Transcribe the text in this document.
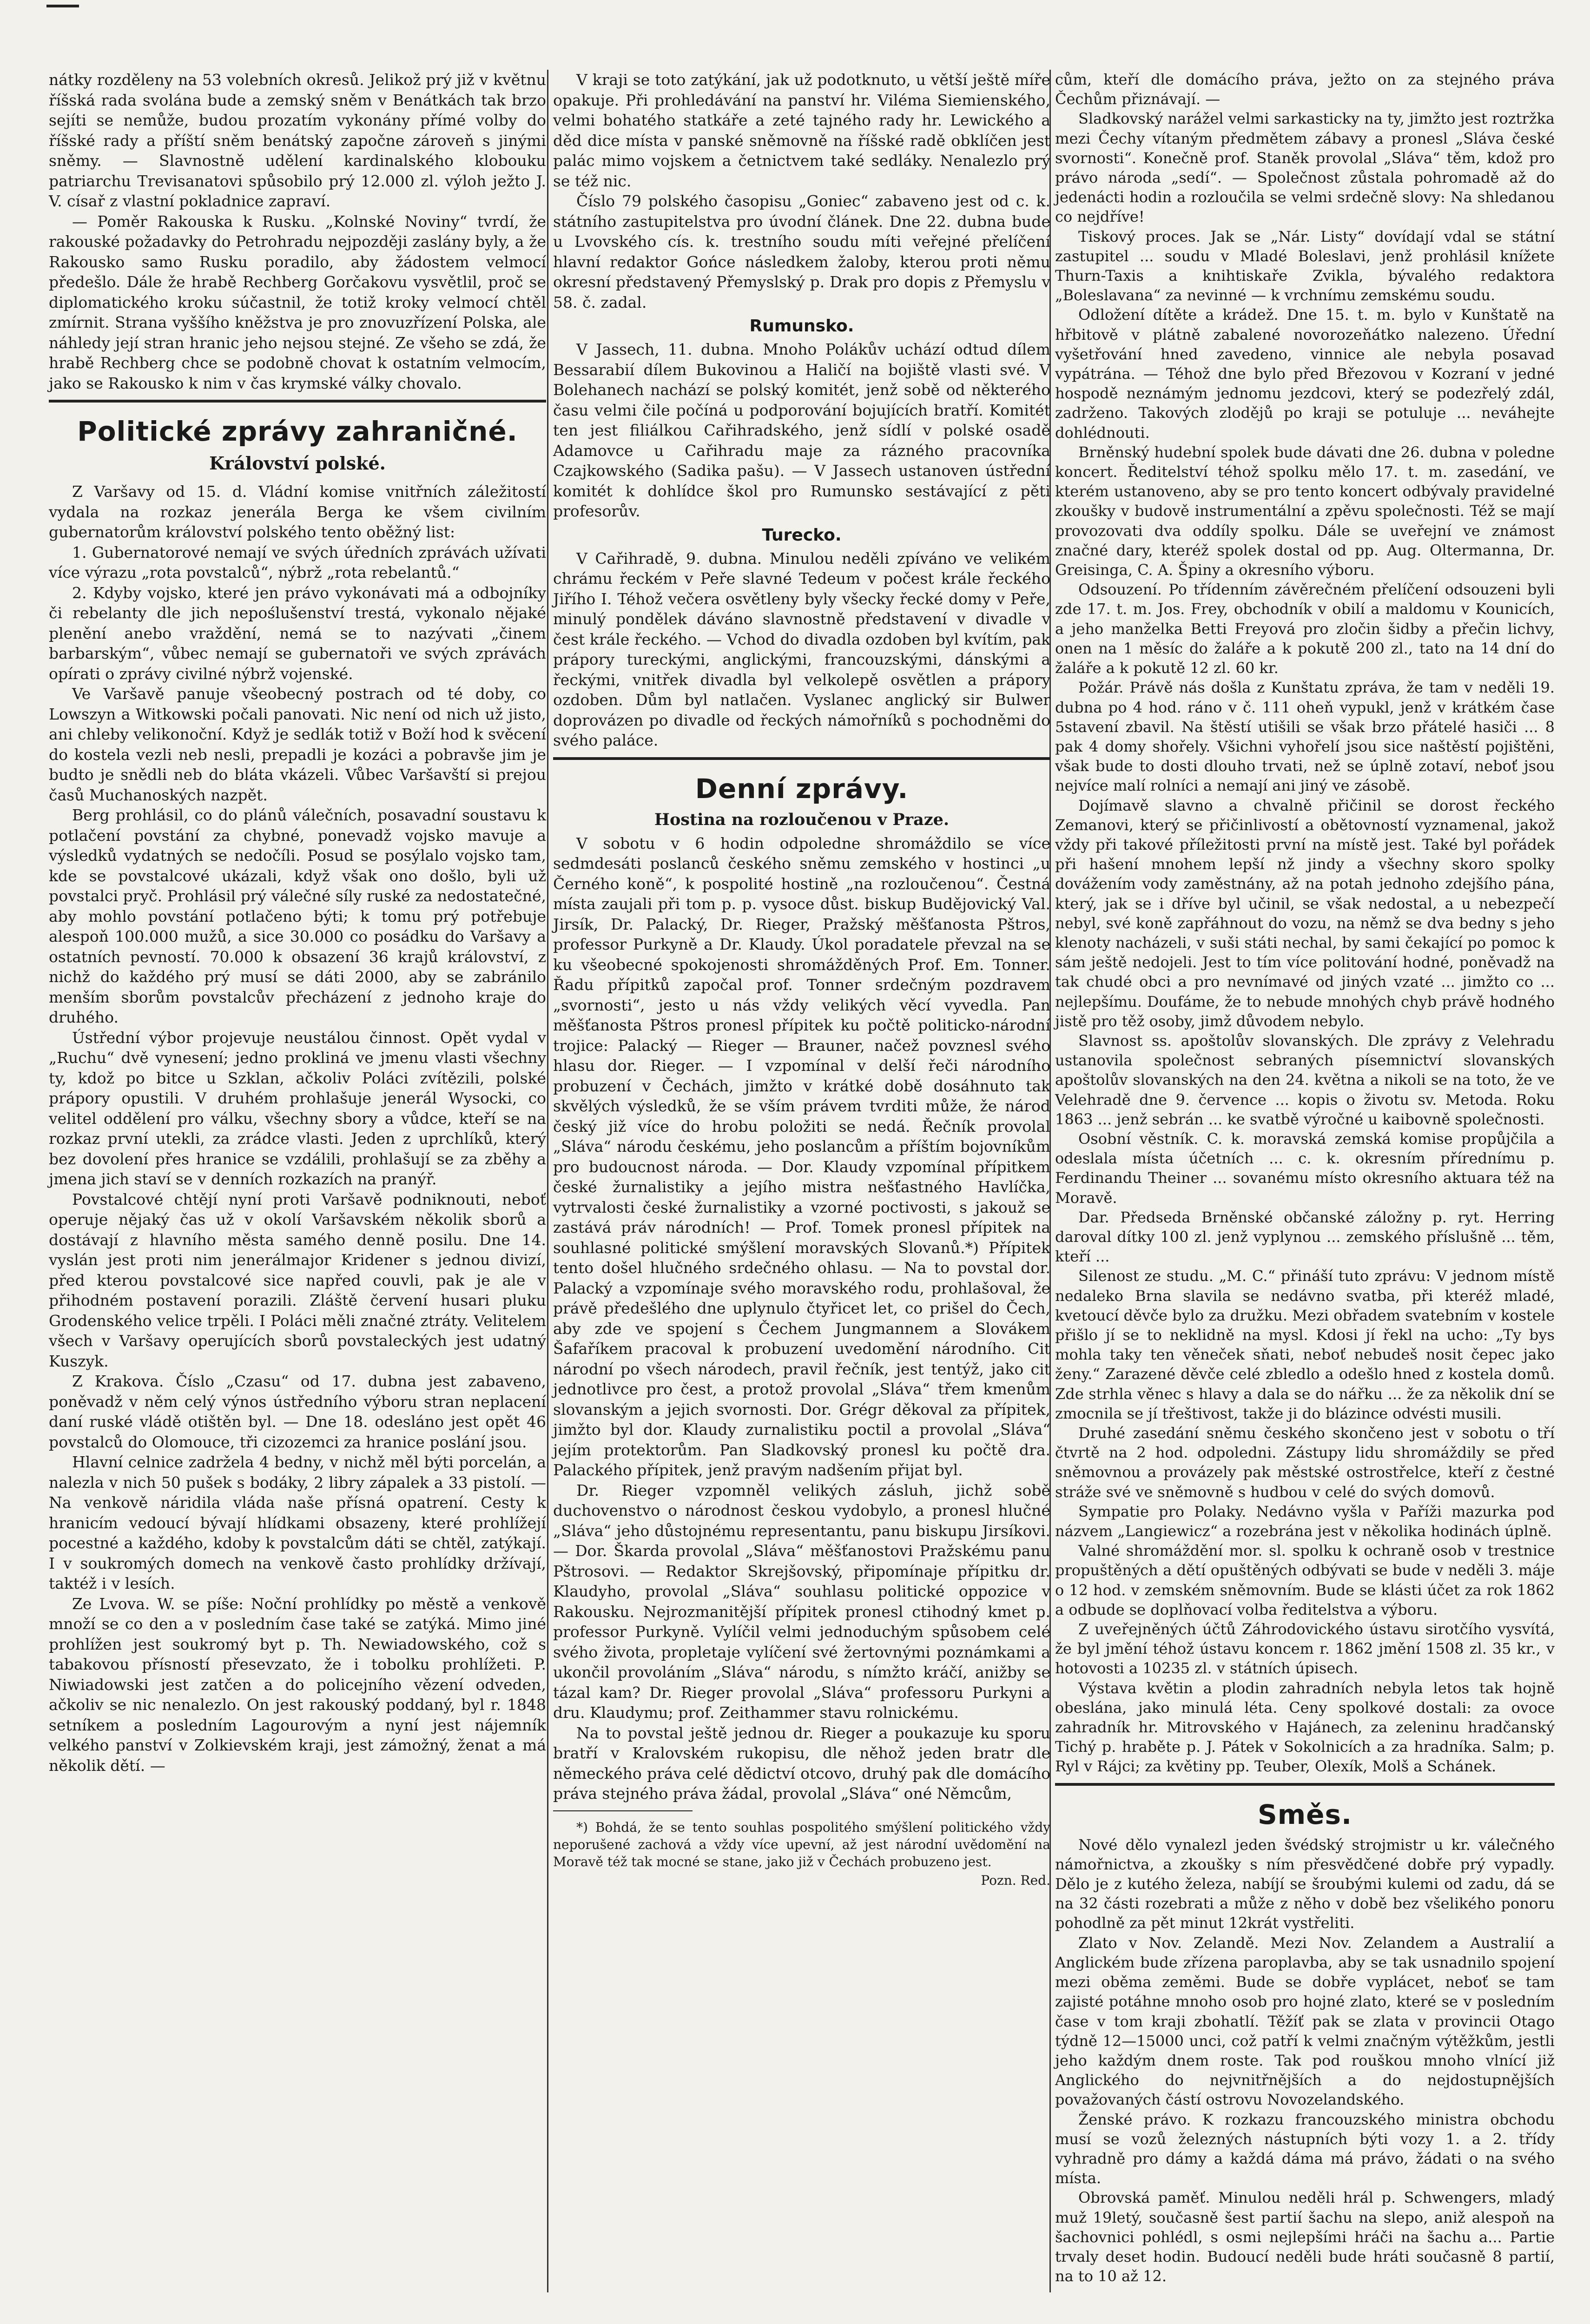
nátky rozděleny na 53 volebních okresů. Jelikož prý již v květnu říšská rada svolána bude a zemský sněm v Benátkách tak brzo sejíti se nemůže, budou prozatím vykonány přímé volby do říšské rady a příští sněm benátský započne zároveň s jinými sněmy. — Slavnostně udělení kardinalského klobouku patriarchu Trevisanatovi spůsobilo prý 12.000 zl. výloh ježto J. V. císař z vlastní pokladnice zapraví.

— Poměr Rakouska k Rusku. „Kolnské Noviny“ tvrdí, že rakouské požadavky do Petrohradu nejpozději zaslány byly, a že Rakousko samo Rusku poradilo, aby žádostem velmocí předešlo. Dále že hrabě Rechberg Gorčakovu vysvětlil, proč se diplomatického kroku súčastnil, že totiž kroky velmocí chtěl zmírnit. Strana vyššího kněžstva je pro znovuzřízení Polska, ale náhledy její stran hranic jeho nejsou stejné. Ze všeho se zdá, že hrabě Rechberg chce se podobně chovat k ostatním velmocím, jako se Rakousko k nim v čas krymské války chovalo.

Politické zprávy zahraničné.
Království polské.

Z Varšavy od 15. d. Vládní komise vnitřních záležitostí vydala na rozkaz jenerála Berga ke všem civilním gubernatorům království polského tento oběžný list:

1. Gubernatorové nemají ve svých úředních zprávách užívati více výrazu „rota povstalců“, nýbrž „rota rebelantů.“

2. Kdyby vojsko, které jen právo vykonávati má a odbojníky či rebelanty dle jich nepoślušenství trestá, vykonalo nějaké plenění anebo vraždění, nemá se to nazývati „činem barbarským“, vůbec nemají se gubernatoři ve svých zprávách opírati o zprávy civilné nýbrž vojenské.

Ve Varšavě panuje všeobecný postrach od té doby, co Lowszyn a Witkowski počali panovati. Nic není od nich už jisto, ani chleby velikonoční. Když je sedlák totiž v Boží hod k svěcení do kostela vezli neb nesli, prepadli je kozáci a pobravše jim je budto je snědli neb do bláta vkázeli. Vůbec Varšavští si prejou časů Muchanoských nazpět.

Berg prohlásil, co do plánů válečních, posavadní soustavu k potlačení povstání za chybné, ponevadž vojsko mavuje a výsledků vydatných se nedočíli. Posud se posýlalo vojsko tam, kde se povstalcové ukázali, když však ono došlo, byli už povstalci pryč. Prohlásil prý válečné síly ruské za nedostatečné, aby mohlo povstání potlačeno býti; k tomu prý potřebuje alespoň 100.000 mužů, a sice 30.000 co posádku do Varšavy a ostatních pevností. 70.000 k obsazení 36 krajů království, z nichž do každého prý musí se dáti 2000, aby se zabránilo menším sborům povstalcův přecházení z jednoho kraje do druhého.

Ústřední výbor projevuje neustálou činnost. Opět vydal v „Ruchu“ dvě vynesení; jedno prokliná ve jmenu vlasti všechny ty, kdož po bitce u Szklan, ačkoliv Poláci zvítězili, polské prápory opustili. V druhém prohlašuje jenerál Wysocki, co velitel oddělení pro válku, všechny sbory a vůdce, kteří se na rozkaz první utekli, za zrádce vlasti. Jeden z uprchlíků, který bez dovolení přes hranice se vzdálili, prohlašují se za zběhy a jmena jich staví se v denních rozkazích na pranýř.

Povstalcové chtějí nyní proti Varšavě podniknouti, neboť operuje nějaký čas už v okolí Varšavském několik sborů a dostávají z hlavního města samého denně posilu. Dne 14. vyslán jest proti nim jenerálmajor Kridener s jednou divizí, před kterou povstalcové sice napřed couvli, pak je ale v přihodném postavení porazili. Zláště červení husari pluku Grodenského velice trpěli. I Poláci měli značné ztráty. Velitelem všech v Varšavy operujících sborů povstaleckých jest udatný Kuszyk.

Z Krakova. Číslo „Czasu“ od 17. dubna jest zabaveno, poněvadž v něm celý výnos ústředního výboru stran neplacení daní ruské vládě otištěn byl. — Dne 18. odesláno jest opět 46 povstalců do Olomouce, tři cizozemci za hranice poslání jsou.

Hlavní celnice zadržela 4 bedny, v nichž měl býti porcelán, a nalezla v nich 50 pušek s bodáky, 2 libry zápalek a 33 pistolí. — Na venkově náridila vláda naše přísná opatrení. Cesty k hranicím vedoucí bývají hlídkami obsazeny, které prohlížejí pocestné a každého, kdoby k povstalcům dáti se chtěl, zatýkají. I v soukromých domech na venkově často prohlídky držívají, taktéž i v lesích.

Ze Lvova. W. se píše: Noční prohlídky po městě a venkově množí se co den a v posledním čase také se zatýká. Mimo jiné prohlížen jest soukromý byt p. Th. Newiadowského, což s tabakovou přísností přesevzato, že i tobolku prohlížeti. P. Niwiadowski jest zatčen a do policejního vězení odveden, ačkoliv se nic nenalezlo. On jest rakouský poddaný, byl r. 1848 setníkem a posledním Lagourovým a nyní jest nájemník velkého panství v Zolkievském kraji, jest zámožný, ženat a má několik dětí. —

V kraji se toto zatýkání, jak už podotknuto, u větší ještě míře opakuje. Při prohledávání na panství hr. Viléma Siemienského, velmi bohatého statkáře a zeté tajného rady hr. Lewického a děd dice místa v panské sněmovně na říšské radě obklíčen jest palác mimo vojskem a četnictvem také sedláky. Nenalezlo prý se též nic.

Číslo 79 polského časopisu „Goniec“ zabaveno jest od c. k. státního zastupitelstva pro úvodní článek. Dne 22. dubna bude u Lvovského cís. k. trestního soudu míti veřejné přelíčení hlavní redaktor Gońce následkem žaloby, kterou proti němu okresní představený Přemyslský p. Drak pro dopis z Přemyslu v 58. č. zadal.

Rumunsko.

V Jassech, 11. dubna. Mnoho Polákův uchází odtud dílem Bessarabií dílem Bukovinou a Haličí na bojiště vlasti své. V Bolehanech nachází se polský komitét, jenž sobě od některého času velmi čile počíná u podporování bojujících bratří. Komitét ten jest filiálkou Cařihradského, jenž sídlí v polské osadě Adamovce u Cařihradu maje za rázného pracovníka Czajkowského (Sadika pašu). — V Jassech ustanoven ústřední komitét k dohlídce škol pro Rumunsko sestávající z pěti profesorův.

Turecko.

V Cařihradě, 9. dubna. Minulou neděli zpíváno ve velikém chrámu řeckém v Peře slavné Tedeum v počest krále řeckého Jiřího I. Téhož večera osvětleny byly všecky řecké domy v Peře, minulý pondělek dáváno slavnostně představení v divadle v čest krále řeckého. — Vchod do divadla ozdoben byl kvítím, pak prápory tureckými, anglickými, francouzskými, dánskými a řeckými, vnitřek divadla byl velkolepě osvětlen a prápory ozdoben. Dům byl natlačen. Vyslanec anglický sir Bulwer doprovázen po divadle od řeckých námořníků s pochodněmi do svého paláce.

Denní zprávy.
Hostina na rozloučenou v Praze.

V sobotu v 6 hodin odpoledne shromáždilo se více sedmdesáti poslanců českého sněmu zemského v hostinci „u Černého koně“, k pospolité hostině „na rozloučenou“. Čestná místa zaujali při tom p. p. vysoce důst. biskup Budějovický Val. Jirsík, Dr. Palacký, Dr. Rieger, Pražský měšťanosta Pštros, professor Purkyně a Dr. Klaudy. Úkol poradatele převzal na se ku všeobecné spokojenosti shromážděných Prof. Em. Tonner. Řadu přípitků započal prof. Tonner srdečným pozdravem „svornosti“, jesto u nás vždy velikých věcí vyvedla. Pan měšťanosta Pštros pronesl přípitek ku počtě politicko-národní trojice: Palacký — Rieger — Brauner, načež povznesl svého hlasu dor. Rieger. — I vzpomínal v delší řeči národního probuzení v Čechách, jimžto v krátké době dosáhnuto tak skvělých výsledků, že se vším právem tvrditi může, že národ český již více do hrobu položiti se nedá. Řečník provolal „Sláva“ národu českému, jeho poslancům a příštím bojovníkům pro budoucnost národa. — Dor. Klaudy vzpomínal přípitkem české žurnalistiky a jejího mistra nešťastného Havlíčka, vytrvalosti české žurnalistiky a vzorné poctivosti, s jakouž se zastává práv národních! — Prof. Tomek pronesl přípitek na souhlasné politické smýšlení moravských Slovanů.*) Přípitek tento došel hlučného srdečného ohlasu. — Na to povstal dor. Palacký a vzpomínaje svého moravského rodu, prohlašoval, že právě předešlého dne uplynulo čtyřicet let, co prišel do Čech, aby zde ve spojení s Čechem Jungmannem a Slovákem Šafaříkem pracoval k probuzení uvedomění národního. Cit národní po všech národech, pravil řečník, jest tentýž, jako cit jednotlivce pro čest, a protož provolal „Sláva“ třem kmenům slovanským a jejich svornosti. Dor. Grégr děkoval za přípitek, jimžto byl dor. Klaudy zurnalistiku poctil a provolal „Sláva“ jejím protektorům. Pan Sladkovský pronesl ku počtě dra. Palackého přípitek, jenž pravým nadšením přijat byl.

Dr. Rieger vzpomněl velikých zásluh, jichž sobě duchovenstvo o národnost českou vydobylo, a pronesl hlučné „Sláva“ jeho důstojnému representantu, panu biskupu Jirsíkovi. — Dor. Škarda provolal „Sláva“ měšťanostovi Pražskému panu Pštrosovi. — Redaktor Skrejšovský, připomínaje přípitku dr. Klaudyho, provolal „Sláva“ souhlasu politické oppozice v Rakousku. Nejrozmanitější přípitek pronesl ctihodný kmet p. professor Purkyně. Vylíčil velmi jednoduchým spůsobem celé svého života, propletaje vylíčení své žertovnými poznámkami a ukončil provoláním „Sláva“ národu, s nímžto kráčí, anižby se tázal kam? Dr. Rieger provolal „Sláva“ professoru Purkyni a dru. Klaudymu; prof. Zeithammer stavu rolnickému.

Na to povstal ještě jednou dr. Rieger a poukazuje ku sporu bratří v Kralovském rukopisu, dle něhož jeden bratr dle německého práva celé dědictví otcovo, druhý pak dle domácího práva stejného práva žádal, provolal „Sláva“ oné Němcům,

*) Bohdá, že se tento souhlas pospolitého smýšlení politického vždy neporušené zachová a vždy více upevní, až jest národní uvědomění na Moravě též tak mocné se stane, jako již v Čechách probuzeno jest.

Pozn. Red.

cům, kteří dle domácího práva, ježto on za stejného práva Čechům přiznávají. —

Sladkovský narážel velmi sarkasticky na ty, jimžto jest roztržka mezi Čechy vítaným předmětem zábavy a pronesl „Sláva české svornosti“. Konečně prof. Staněk provolal „Sláva“ těm, kdož pro právo národa „sedí“. — Společnost zůstala pohromadě až do jedenácti hodin a rozloučila se velmi srdečně slovy: Na shledanou co nejdříve!

Tiskový proces. Jak se „Nár. Listy“ dovídají vdal se státní zastupitel ... soudu v Mladé Boleslavi, jenž prohlásil knížete Thurn-Taxis a knihtiskaře Zvikla, bývalého redaktora „Boleslavana“ za nevinné — k vrchnímu zemskému soudu.

Odložení dítěte a krádež. Dne 15. t. m. bylo v Kunštatě na hřbitově v plátně zabalené novorozeňátko nalezeno. Úřední vyšetřování hned zavedeno, vinnice ale nebyla posavad vypátrána. — Téhož dne bylo před Březovou v Kozraní v jedné hospodě neznámým jednomu jezdcovi, který se podezřelý zdál, zadrženo. Takových zlodějů po kraji se potuluje ... neváhejte dohlédnouti.

Brněnský hudební spolek bude dávati dne 26. dubna v poledne koncert. Ředitelství téhož spolku mělo 17. t. m. zasedání, ve kterém ustanoveno, aby se pro tento koncert odbývaly pravidelné zkoušky v budově instrumentální a zpěvu společnosti. Též se mají provozovati dva oddíly spolku. Dále se uveřejní ve známost značné dary, kteréž spolek dostal od pp. Aug. Oltermanna, Dr. Greisinga, C. A. Špiny a okresního výboru.

Odsouzení. Po třídenním závěrečném přelíčení odsouzeni byli zde 17. t. m. Jos. Frey, obchodník v obilí a maldomu v Kounicích, a jeho manželka Betti Freyová pro zločin šidby a přečin lichvy, onen na 1 měsíc do žaláře a k pokutě 200 zl., tato na 14 dní do žaláře a k pokutě 12 zl. 60 kr.

Požár. Právě nás došla z Kunštatu zpráva, že tam v neděli 19. dubna po 4 hod. ráno v č. 111 oheň vypukl, jenž v krátkém čase 5stavení zbavil. Na štěstí utišili se však brzo přátelé hasiči ... 8 pak 4 domy shořely. Všichni vyhořelí jsou sice naštěstí pojištěni, však bude to dosti dlouho trvati, než se úplně zotaví, neboť jsou nejvíce malí rolníci a nemají ani jiný ve zásobě.

Dojímavě slavno a chvalně přičinil se dorost řeckého Zemanovi, který se přičinlivostí a obětovností vyznamenal, jakož vždy při takové příležitosti první na místě jest. Také byl pořádek při hašení mnohem lepší nž jindy a všechny skoro spolky dovážením vody zaměstnány, až na potah jednoho zdejšího pána, který, jak se i dříve byl učinil, se však nedostal, a u nebezpečí nebyl, své koně zapřáhnout do vozu, na němž se dva bedny s jeho klenoty nacházeli, v suši státi nechal, by sami čekající po pomoc k sám ještě nedojeli. Jest to tím více politování hodné, poněvadž na tak chudé obci a pro nevnímavé od jiných vzaté ... jimžto co ... nejlepšímu. Doufáme, že to nebude mnohých chyb právě hodného jistě pro těž osoby, jimž důvodem nebylo.

Slavnost ss. apoštolův slovanských. Dle zprávy z Velehradu ustanovila společnost sebraných písemnictví slovanských apoštolův slovanských na den 24. května a nikoli se na toto, že ve Velehradě dne 9. července ... kopis o životu sv. Metoda. Roku 1863 ... jenž sebrán ... ke svatbě výročné u kaibovně společnosti.

Osobní věstník. C. k. moravská zemská komise propůjčila a odeslala místa účetních ... c. k. okresním přírednímu p. Ferdinandu Theiner ... sovanému místo okresního aktuara též na Moravě.

Dar. Předseda Brněnské občanské záložny p. ryt. Herring daroval dítky 100 zl. jenž vyplynou ... zemského příslušně ... těm, kteří ...

Silenost ze studu. „M. C.“ přináší tuto zprávu: V jednom místě nedaleko Brna slavila se nedávno svatba, při kteréž mladé, kvetoucí děvče bylo za družku. Mezi obřadem svatebním v kostele přišlo jí se to neklidně na mysl. Kdosi jí řekl na ucho: „Ty bys mohla taky ten věneček sňati, neboť nebudeš nosit čepec jako ženy.“ Zarazené děvče celé zbledlo a odešlo hned z kostela domů. Zde strhla věnec s hlavy a dala se do nářku ... že za několik dní se zmocnila se jí třeštivost, takže ji do blázince odvésti musili.

Druhé zasedání sněmu českého skončeno jest v sobotu o tří čtvrtě na 2 hod. odpoledni. Zástupy lidu shromáždily se před sněmovnou a provázely pak městské ostrostřelce, kteří z čestné stráže své ve sněmovně s hudbou v celé do svých domovů.

Sympatie pro Polaky. Nedávno vyšla v Paříži mazurka pod názvem „Langiewicz“ a rozebrána jest v několika hodinách úplně.

Valné shromáždění mor. sl. spolku k ochraně osob v trestnice propuštěných a dětí opuštěných odbývati se bude v neděli 3. máje o 12 hod. v zemském sněmovním. Bude se klásti účet za rok 1862 a odbude se doplňovací volba ředitelstva a výboru.

Z uveřejněných účtů Záhrodovického ústavu sirotčího vysvítá, že byl jmění téhož ústavu koncem r. 1862 jmění 1508 zl. 35 kr., v hotovosti a 10235 zl. v státních úpisech.

Výstava květin a plodin zahradních nebyla letos tak hojně obeslána, jako minulá léta. Ceny spolkové dostali: za ovoce zahradník hr. Mitrovského v Hajánech, za zeleninu hradčanský Tichý p. hraběte p. J. Pátek v Sokolnicích a za hradníka. Salm; p. Ryl v Rájci; za květiny pp. Teuber, Olexík, Molš a Schánek.

Směs.

Nové dělo vynalezl jeden švédský strojmistr u kr. válečného námořnictva, a zkoušky s ním přesvědčené dobře prý vypadly. Dělo je z kutého železa, nabíjí se šroubými kulemi od zadu, dá se na 32 části rozebrati a může z něho v době bez všelikého ponoru pohodlně za pět minut 12krát vystřeliti.

Zlato v Nov. Zelandě. Mezi Nov. Zelandem a Australií a Anglickém bude zřízena paroplavba, aby se tak usnadnilo spojení mezi oběma zeměmi. Bude se dobře vyplácet, neboť se tam zajisté potáhne mnoho osob pro hojné zlato, které se v posledním čase v tom kraji zbohatlí. Těžíť pak se zlata v provincii Otago týdně 12—15000 unci, což patří k velmi značným výtěžkům, jestli jeho každým dnem roste. Tak pod rouškou mnoho vlnící již Anglického do nejvnitřnějších a do nejdostupnějších považovaných částí ostrovu Novozelandského.

Ženské právo. K rozkazu francouzského ministra obchodu musí se vozů železných nástupních býti vozy 1. a 2. třídy vyhradně pro dámy a každá dáma má právo, žádati o na svého místa.

Obrovská paměť. Minulou neděli hrál p. Schwengers, mladý muž 19letý, současně šest partií šachu na slepo, aniž alespoň na šachovnici pohlédl, s osmi nejlepšími hráči na šachu a... Partie trvaly deset hodin. Budoucí neděli bude hráti současně 8 partií, na to 10 až 12.
